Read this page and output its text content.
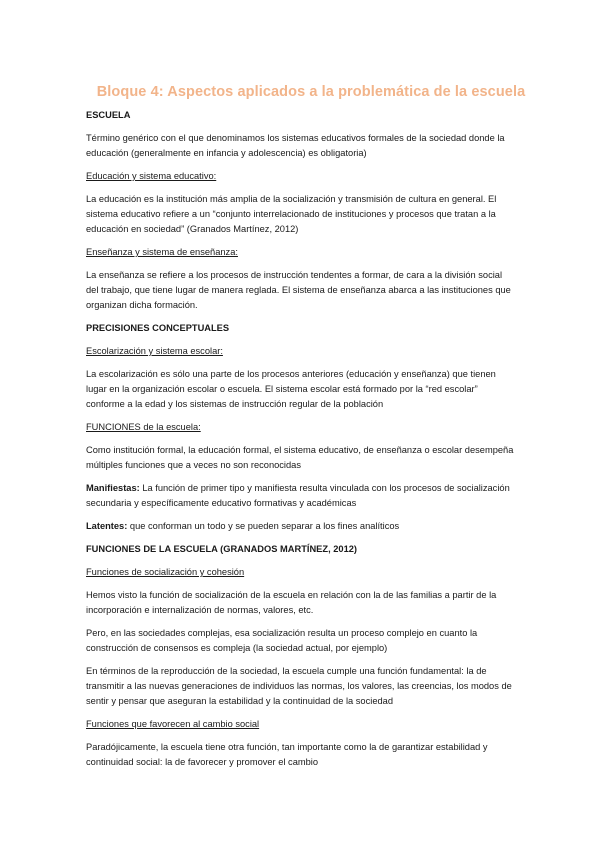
Bloque 4: Aspectos aplicados a la problemática de la escuela
ESCUELA
Término genérico con el que denominamos los sistemas educativos formales de la sociedad donde la educación (generalmente en infancia y adolescencia) es obligatoria)
Educación y sistema educativo:
La educación es la institución más amplia de la socialización y transmisión de cultura en general. El sistema educativo refiere a un “conjunto interrelacionado de instituciones y procesos que tratan a la educación en sociedad” (Granados Martínez, 2012)
Enseñanza y sistema de enseñanza:
La enseñanza se refiere a los procesos de instrucción tendentes a formar, de cara a la división social del trabajo, que tiene lugar de manera reglada. El sistema de enseñanza abarca a las instituciones que organizan dicha formación.
PRECISIONES CONCEPTUALES
Escolarización y sistema escolar:
La escolarización es sólo una parte de los procesos anteriores (educación y enseñanza) que tienen lugar en la organización escolar o escuela. El sistema escolar está formado por la “red escolar” conforme a la edad y los sistemas de instrucción regular de la población
FUNCIONES de la escuela:
Como institución formal, la educación formal, el sistema educativo, de enseñanza o escolar desempeña múltiples funciones que a veces no son reconocidas
Manifiestas: La función de primer tipo y manifiesta resulta vinculada con los procesos de socialización secundaria y específicamente educativo formativas y académicas
Latentes: que conforman un todo y se pueden separar a los fines analíticos
FUNCIONES DE LA ESCUELA (GRANADOS MARTÍNEZ, 2012)
Funciones de socialización y cohesión
Hemos visto la función de socialización de la escuela en relación con la de las familias a partir de la incorporación e internalización de normas, valores, etc.
Pero, en las sociedades complejas, esa socialización resulta un proceso complejo en cuanto la construcción de consensos es compleja (la sociedad actual, por ejemplo)
En términos de la reproducción de la sociedad, la escuela cumple una función fundamental: la de transmitir a las nuevas generaciones de individuos las normas, los valores, las creencias, los modos de sentir y pensar que aseguran la estabilidad y la continuidad de la sociedad
Funciones que favorecen al cambio social
Paradójicamente, la escuela tiene otra función, tan importante como la de garantizar estabilidad y continuidad social: la de favorecer y promover el cambio
